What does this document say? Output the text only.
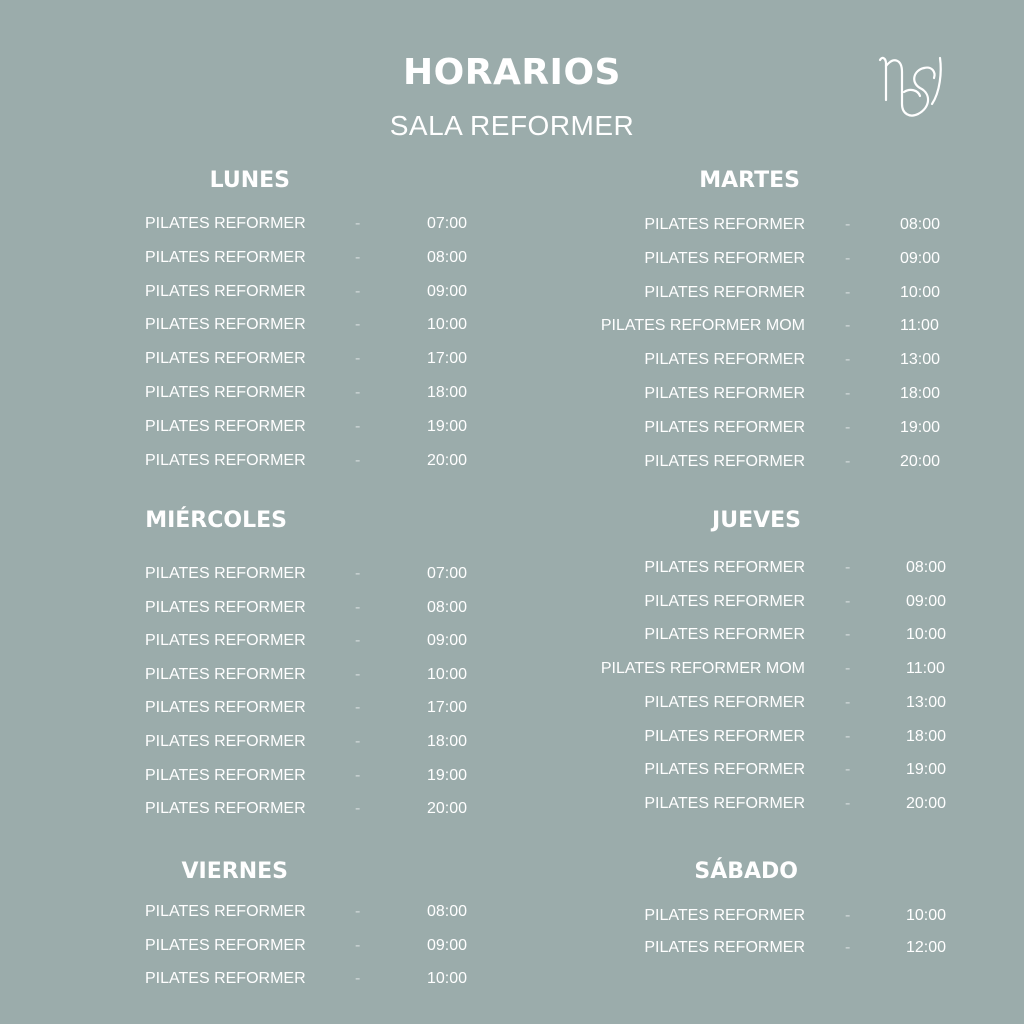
HORARIOS
SALA REFORMER
LUNES
PILATES REFORMER	-	07:00
PILATES REFORMER	-	08:00
PILATES REFORMER	-	09:00
PILATES REFORMER	-	10:00
PILATES REFORMER	-	17:00
PILATES REFORMER	-	18:00
PILATES REFORMER	-	19:00
PILATES REFORMER	-	20:00
MARTES
PILATES REFORMER	-	08:00
PILATES REFORMER	-	09:00
PILATES REFORMER	-	10:00
PILATES REFORMER MOM	-	11:00
PILATES REFORMER	-	13:00
PILATES REFORMER	-	18:00
PILATES REFORMER	-	19:00
PILATES REFORMER	-	20:00
MIÉRCOLES
PILATES REFORMER	-	07:00
PILATES REFORMER	-	08:00
PILATES REFORMER	-	09:00
PILATES REFORMER	-	10:00
PILATES REFORMER	-	17:00
PILATES REFORMER	-	18:00
PILATES REFORMER	-	19:00
PILATES REFORMER	-	20:00
JUEVES
PILATES REFORMER	-	08:00
PILATES REFORMER	-	09:00
PILATES REFORMER	-	10:00
PILATES REFORMER MOM	-	11:00
PILATES REFORMER	-	13:00
PILATES REFORMER	-	18:00
PILATES REFORMER	-	19:00
PILATES REFORMER	-	20:00
VIERNES
PILATES REFORMER	-	08:00
PILATES REFORMER	-	09:00
PILATES REFORMER	-	10:00
SÁBADO
PILATES REFORMER	-	10:00
PILATES REFORMER	-	12:00
